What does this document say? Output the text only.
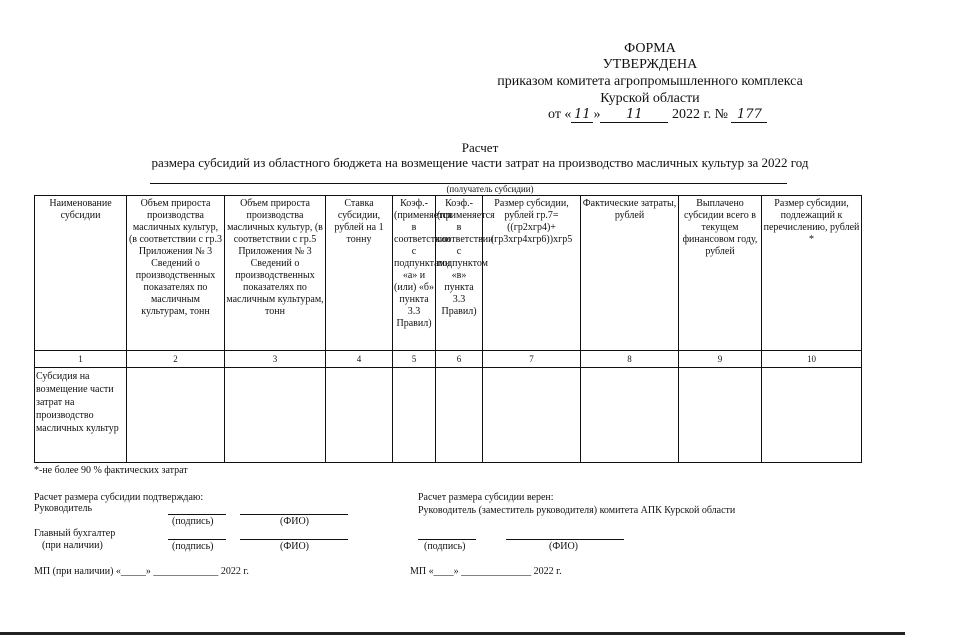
ФОРМА
УТВЕРЖДЕНА
приказом комитета агропромышленного комплекса
Курской области
от « 11 » 11 2022 г. № 177
Расчет
размера субсидий из областного бюджета на возмещение части затрат на производство масличных культур за 2022 год
(получатель субсидии)
Наименование субсидии	Объем прироста производства масличных культур, (в соответствии с гр.3 Приложения № 3 Сведений о производственных показателях по масличным культурам, тонн	Объем прироста производства масличных культур, (в соответствии с гр.5 Приложения № 3 Сведений о производственных показателях по масличным культурам, тонн	Ставка субсидии, рублей на 1 тонну	Коэф.- (применяется в соответствии с подпунктами «а» и (или) «б» пункта 3.3 Правил)	Коэф.- (применяется в соответствии с подпунктом «в» пункта 3.3 Правил)	Размер субсидии, рублей гр.7=((гр2хгр4)+ (гр3хгр4хгр6))хгр5	Фактические затраты, рублей	Выплачено субсидии всего в текущем финансовом году, рублей	Размер субсидии, подлежащий к перечислению, рублей *
1	2	3	4	5	6	7	8	9	10
Субсидия на возмещение части затрат на производство масличных культур									
*-не более 90 % фактических затрат
Расчет размера субсидии подтверждаю:
Руководитель
(подпись)	(ФИО)
Главный бухгалтер
(при наличии)	(подпись)	(ФИО)
МП (при наличии) «_____» _____________ 2022 г.
Расчет размера субсидии верен:
Руководитель (заместитель руководителя) комитета АПК Курской области
(подпись)	(ФИО)
МП «____» ______________ 2022 г.
